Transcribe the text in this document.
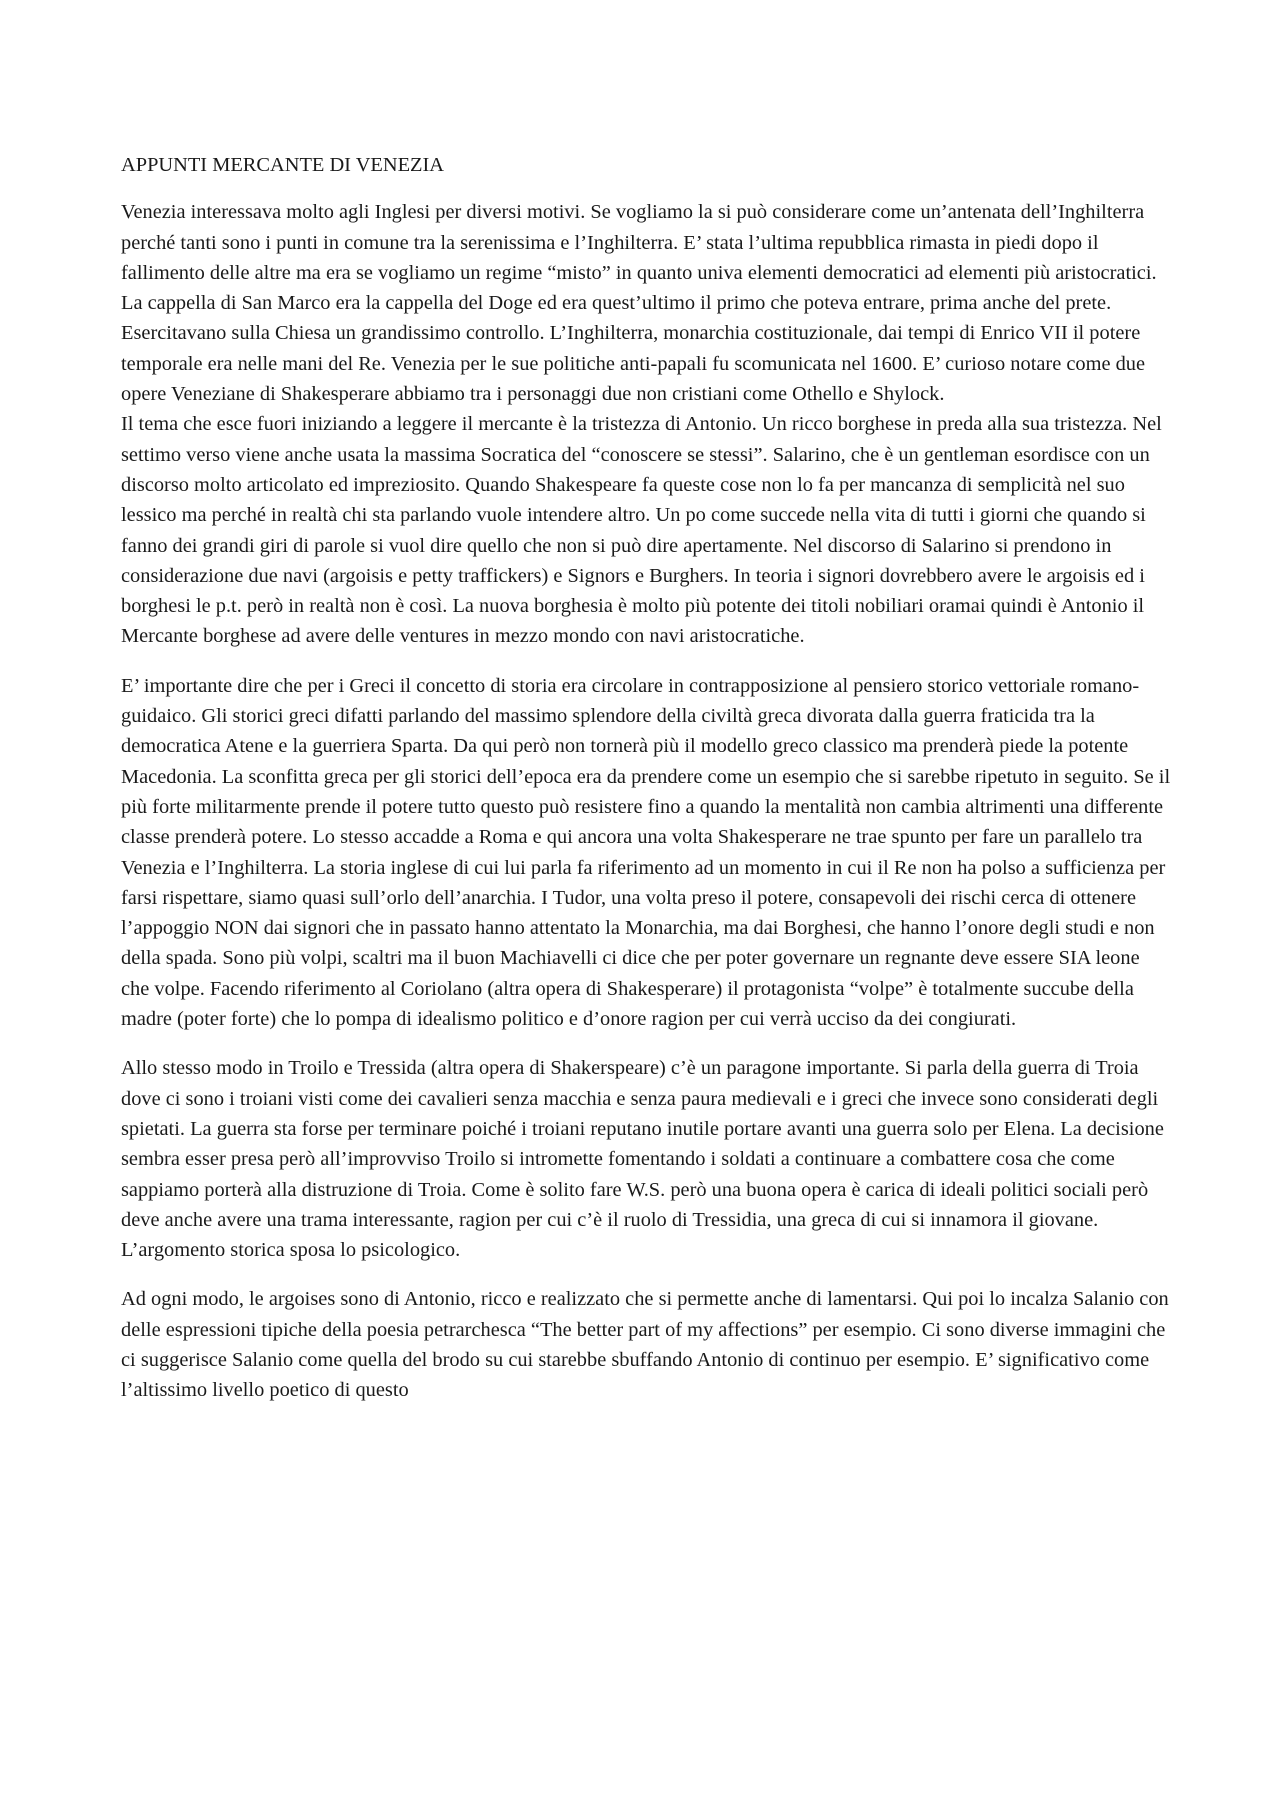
APPUNTI MERCANTE DI VENEZIA

Venezia interessava molto agli Inglesi per diversi motivi. Se vogliamo la si può considerare come un’antenata dell’Inghilterra perché tanti sono i punti in comune tra la serenissima e l’Inghilterra. E’ stata l’ultima repubblica rimasta in piedi dopo il fallimento delle altre ma era se vogliamo un regime “misto” in quanto univa elementi democratici ad elementi più aristocratici. La cappella di San Marco era la cappella del Doge ed era quest’ultimo il primo che poteva entrare, prima anche del prete. Esercitavano sulla Chiesa un grandissimo controllo. L’Inghilterra, monarchia costituzionale, dai tempi di Enrico VII il potere temporale era nelle mani del Re. Venezia per le sue politiche anti-papali fu scomunicata nel 1600. E’ curioso notare come due opere Veneziane di Shakesperare abbiamo tra i personaggi due non cristiani come Othello e Shylock.

Il tema che esce fuori iniziando a leggere il mercante è la tristezza di Antonio. Un ricco borghese in preda alla sua tristezza. Nel settimo verso viene anche usata la massima Socratica del “conoscere se stessi”. Salarino, che è un gentleman esordisce con un discorso molto articolato ed impreziosito. Quando Shakespeare fa queste cose non lo fa per mancanza di semplicità nel suo lessico ma perché in realtà chi sta parlando vuole intendere altro. Un po come succede nella vita di tutti i giorni che quando si fanno dei grandi giri di parole si vuol dire quello che non si può dire apertamente. Nel discorso di Salarino si prendono in considerazione due navi (argoisis e petty traffickers) e Signors e Burghers. In teoria i signori dovrebbero avere le argoisis ed i borghesi le p.t. però in realtà non è così. La nuova borghesia è molto più potente dei titoli nobiliari oramai quindi è Antonio il Mercante borghese ad avere delle ventures in mezzo mondo con navi aristocratiche.

E’ importante dire che per i Greci il concetto di storia era circolare in contrapposizione al pensiero storico vettoriale romano-guidaico. Gli storici greci difatti parlando del massimo splendore della civiltà greca divorata dalla guerra fraticida tra la democratica Atene e la guerriera Sparta. Da qui però non tornerà più il modello greco classico ma prenderà piede la potente Macedonia. La sconfitta greca per gli storici dell’epoca era da prendere come un esempio che si sarebbe ripetuto in seguito. Se il più forte militarmente prende il potere tutto questo può resistere fino a quando la mentalità non cambia altrimenti una differente classe prenderà potere. Lo stesso accadde a Roma e qui ancora una volta Shakesperare ne trae spunto per fare un parallelo tra Venezia e l’Inghilterra. La storia inglese di cui lui parla fa riferimento ad un momento in cui il Re non ha polso a sufficienza per farsi rispettare, siamo quasi sull’orlo dell’anarchia. I Tudor, una volta preso il potere, consapevoli dei rischi cerca di ottenere l’appoggio NON dai signori che in passato hanno attentato la Monarchia, ma dai Borghesi, che hanno l’onore degli studi e non della spada. Sono più volpi, scaltri ma il buon Machiavelli ci dice che per poter governare un regnante deve essere SIA leone che volpe. Facendo riferimento al Coriolano (altra opera di Shakesperare) il protagonista “volpe” è totalmente succube della madre (poter forte) che lo pompa di idealismo politico e d’onore ragion per cui verrà ucciso da dei congiurati.

Allo stesso modo in Troilo e Tressida (altra opera di Shakerspeare) c’è un paragone importante. Si parla della guerra di Troia dove ci sono i troiani visti come dei cavalieri senza macchia e senza paura medievali e i greci che invece sono considerati degli spietati. La guerra sta forse per terminare poiché i troiani reputano inutile portare avanti una guerra solo per Elena. La decisione sembra esser presa però all’improvviso Troilo si intromette fomentando i soldati a continuare a combattere cosa che come sappiamo porterà alla distruzione di Troia. Come è solito fare W.S. però una buona opera è carica di ideali politici sociali però deve anche avere una trama interessante, ragion per cui c’è il ruolo di Tressidia, una greca di cui si innamora il giovane. L’argomento storica sposa lo psicologico.

Ad ogni modo, le argoises sono di Antonio, ricco e realizzato che si permette anche di lamentarsi. Qui poi lo incalza Salanio con delle espressioni tipiche della poesia petrarchesca “The better part of my affections” per esempio. Ci sono diverse immagini che ci suggerisce Salanio come quella del brodo su cui starebbe sbuffando Antonio di continuo per esempio. E’ significativo come l’altissimo livello poetico di questo
